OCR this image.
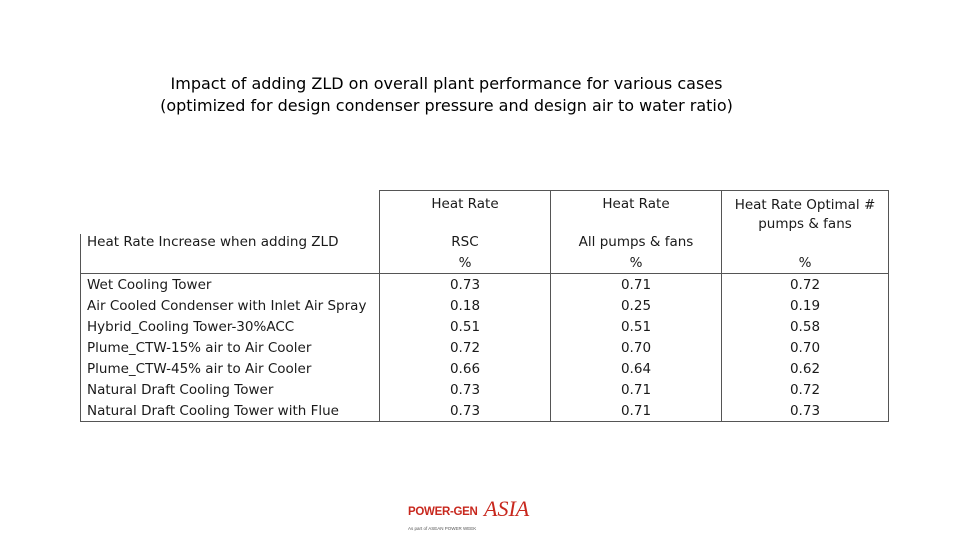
Impact of adding ZLD on overall plant performance for various cases
(optimized for design condenser pressure and design air to water ratio)
	Heat Rate	Heat Rate	Heat Rate Optimal # pumps & fans
Heat Rate Increase when adding ZLD	RSC	All pumps & fans	
	%	%	%
Wet Cooling Tower	0.73	0.71	0.72
Air Cooled Condenser with Inlet Air Spray	0.18	0.25	0.19
Hybrid_Cooling Tower-30%ACC	0.51	0.51	0.58
Plume_CTW-15% air to Air Cooler	0.72	0.70	0.70
Plume_CTW-45% air to Air Cooler	0.66	0.64	0.62
Natural Draft Cooling Tower	0.73	0.71	0.72
Natural Draft Cooling Tower with Flue	0.73	0.71	0.73
POWER-GEN ASIA
As part of ASEAN POWER WEEK
